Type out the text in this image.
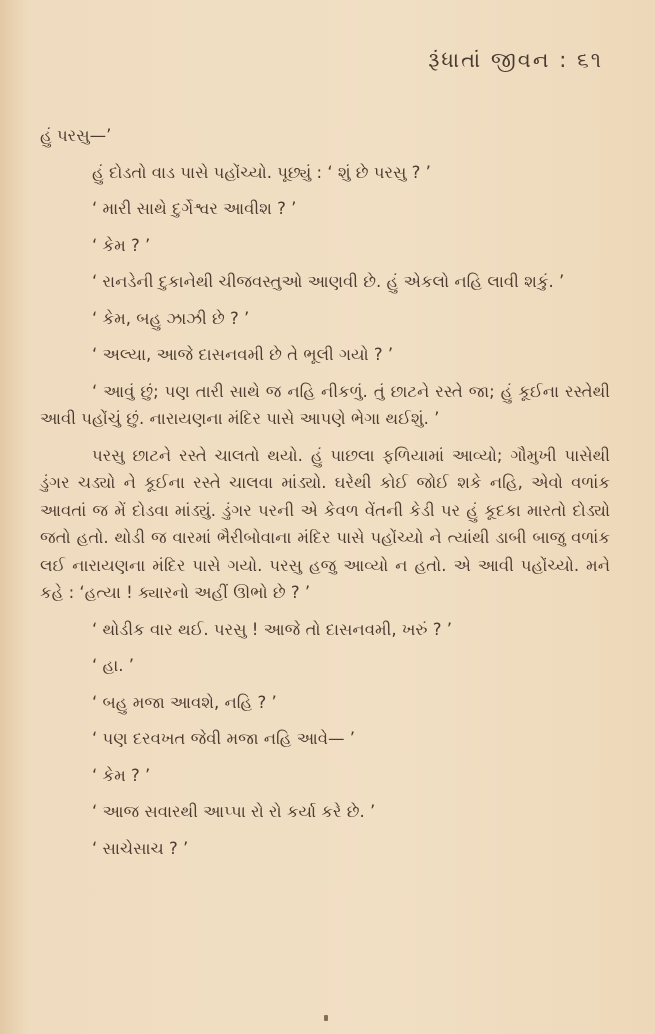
રૂંધાતાં જીવન : ૬૧

હું પરસુ—’

હું દોડતો વાડ પાસે પહોંચ્યો. પૂછ્યું : ‘ શું છે પરસુ ? ’

‘ મારી સાથે દુર્ગેશ્વર આવીશ ? ’

‘ કેમ ? ’

‘ રાનડેની દુકાનેથી ચીજવસ્તુઓ આણવી છે. હું એકલો નહિ લાવી શકું. ’

‘ કેમ, બહુ ઝાઝી છે ? ’

‘ અલ્યા, આજે દાસનવમી છે તે ભૂલી ગયો ? ’

‘ આવું છું; પણ તારી સાથે જ નહિ નીકળું. તું છાટને રસ્તે જા; હું કૂઈના રસ્તેથી આવી પહોંચું છું. નારાયણના મંદિર પાસે આપણે ભેગા થઈશું. ’

પરસુ છાટને રસ્તે ચાલતો થયો. હું પાછલા ફળિયામાં આવ્યો; ગૌમુખી પાસેથી ડુંગર ચડ્યો ને કૂઈના રસ્તે ચાલવા માંડ્યો. ઘરેથી કોઈ જોઈ શકે નહિ, એવો વળાંક આવતાં જ મેં દોડવા માંડ્યું. ડુંગર પરની એ કેવળ વેંતની કેડી પર હું કૂદકા મારતો દોડ્યો જતો હતો. થોડી જ વારમાં ભૈરીબોવાના મંદિર પાસે પહોંચ્યો ને ત્યાંથી ડાબી બાજુ વળાંક લઈ નારાયણના મંદિર પાસે ગયો. પરસુ હજુ આવ્યો ન હતો. એ આવી પહોંચ્યો. મને કહે : ‘હત્યા ! ક્યારનો અહીં ઊભો છે ? ’

‘ થોડીક વાર થઈ. પરસુ ! આજે તો દાસનવમી, ખરું ? ’

‘ હા. ’

‘ બહુ મજા આવશે, નહિ ? ’

‘ પણ દરવખત જેવી મજા નહિ આવે— ’

‘ કેમ ? ’

‘ આજ સવારથી આપ્પા રો રો કર્યા કરે છે. ’

‘ સાચેસાચ ? ’
